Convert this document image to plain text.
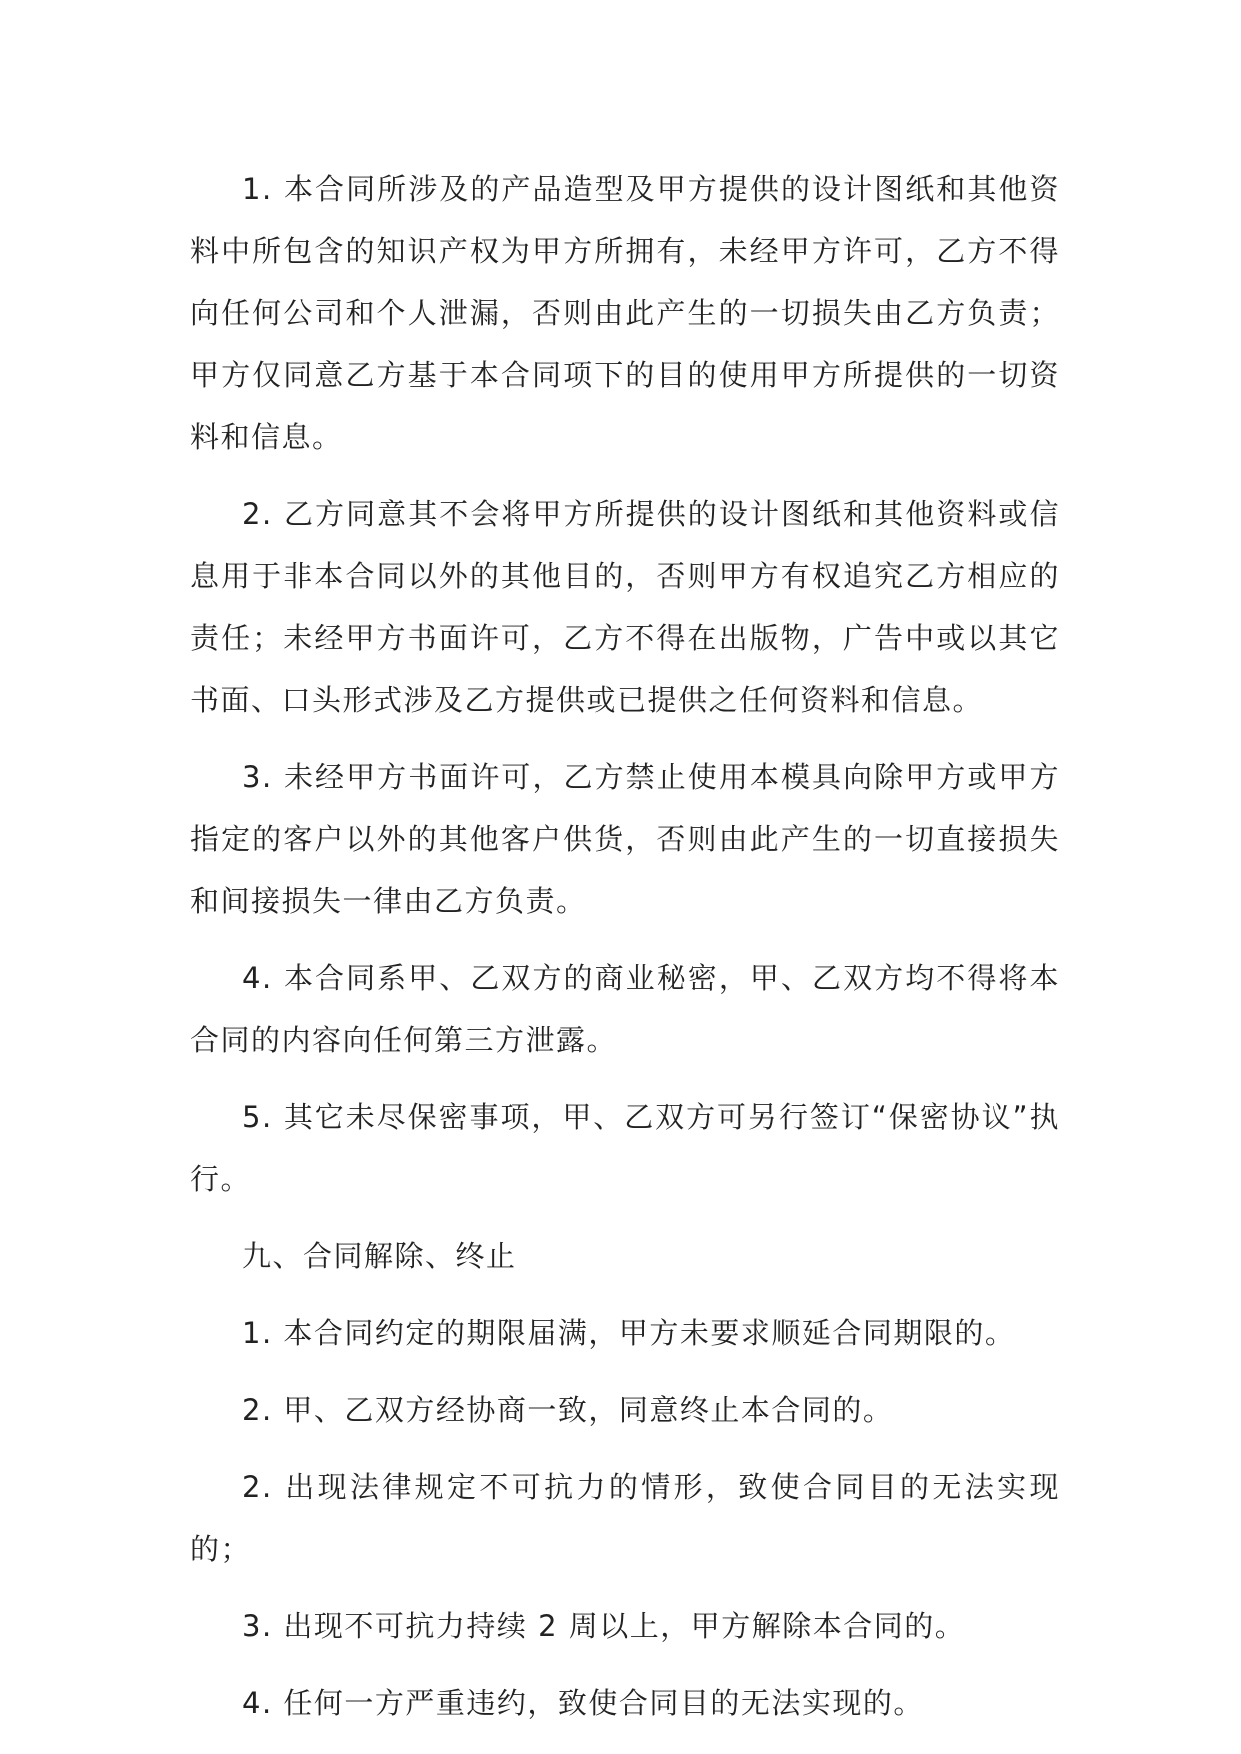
1. 本合同所涉及的产品造型及甲方提供的设计图纸和其他资料中所包含的知识产权为甲方所拥有，未经甲方许可，乙方不得向任何公司和个人泄漏，否则由此产生的一切损失由乙方负责；甲方仅同意乙方基于本合同项下的目的使用甲方所提供的一切资料和信息。

2. 乙方同意其不会将甲方所提供的设计图纸和其他资料或信息用于非本合同以外的其他目的，否则甲方有权追究乙方相应的责任；未经甲方书面许可，乙方不得在出版物，广告中或以其它书面、口头形式涉及乙方提供或已提供之任何资料和信息。

3. 未经甲方书面许可，乙方禁止使用本模具向除甲方或甲方指定的客户以外的其他客户供货，否则由此产生的一切直接损失和间接损失一律由乙方负责。

4. 本合同系甲、乙双方的商业秘密，甲、乙双方均不得将本合同的内容向任何第三方泄露。

5. 其它未尽保密事项，甲、乙双方可另行签订“保密协议”执行。

九、合同解除、终止

1. 本合同约定的期限届满，甲方未要求顺延合同期限的。

2. 甲、乙双方经协商一致，同意终止本合同的。

2. 出现法律规定不可抗力的情形，致使合同目的无法实现的；

3. 出现不可抗力持续 2 周以上，甲方解除本合同的。

4. 任何一方严重违约，致使合同目的无法实现的。
